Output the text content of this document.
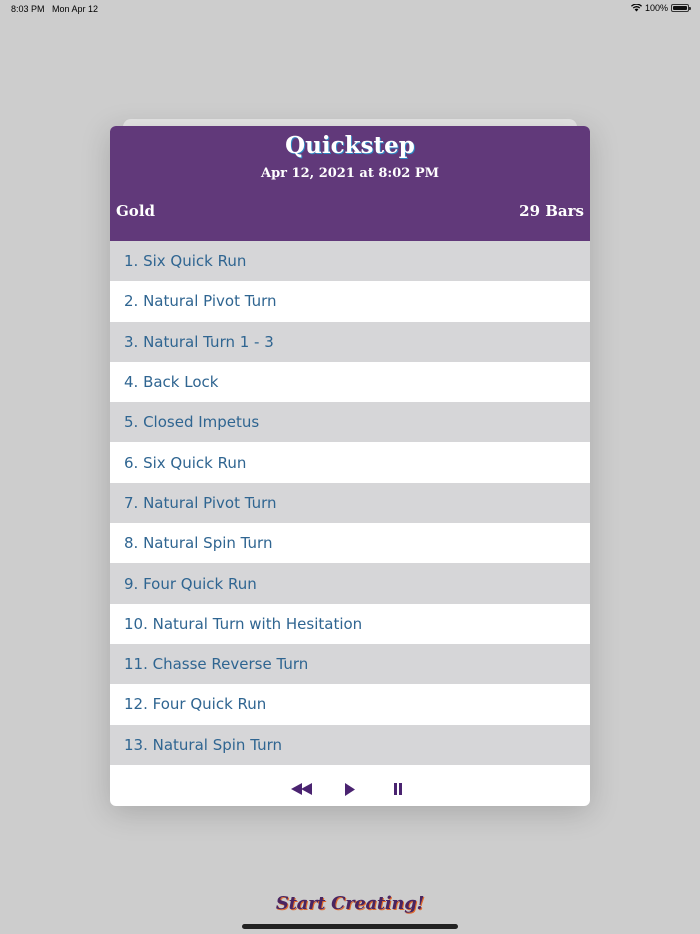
8:03 PM Mon Apr 12	100%
Quickstep
Apr 12, 2021 at 8:02 PM
Gold	29 Bars
1. Six Quick Run
2. Natural Pivot Turn
3. Natural Turn 1 - 3
4. Back Lock
5. Closed Impetus
6. Six Quick Run
7. Natural Pivot Turn
8. Natural Spin Turn
9. Four Quick Run
10. Natural Turn with Hesitation
11. Chasse Reverse Turn
12. Four Quick Run
13. Natural Spin Turn
Start Creating!
